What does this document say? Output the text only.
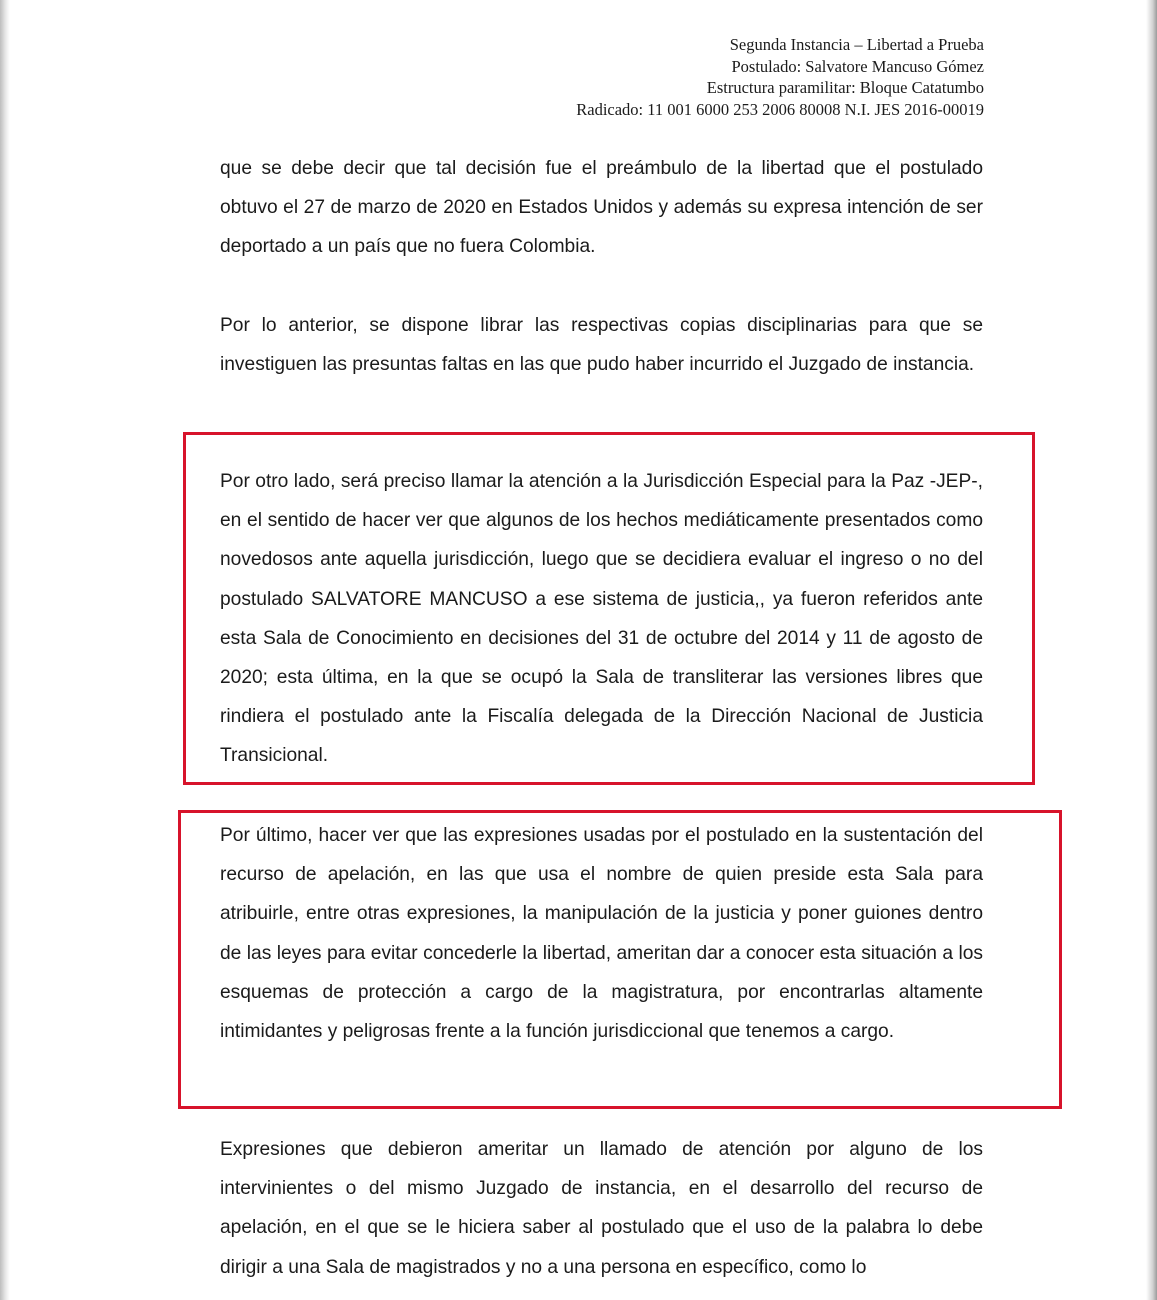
Segunda Instancia – Libertad a Prueba
Postulado: Salvatore Mancuso Gómez
Estructura paramilitar: Bloque Catatumbo
Radicado: 11 001 6000 253 2006 80008 N.I. JES 2016-00019

que se debe decir que tal decisión fue el preámbulo de la libertad que el postulado obtuvo el 27 de marzo de 2020 en Estados Unidos y además su expresa intención de ser deportado a un país que no fuera Colombia.

Por lo anterior, se dispone librar las respectivas copias disciplinarias para que se investiguen las presuntas faltas en las que pudo haber incurrido el Juzgado de instancia.

Por otro lado, será preciso llamar la atención a la Jurisdicción Especial para la Paz -JEP-, en el sentido de hacer ver que algunos de los hechos mediáticamente presentados como novedosos ante aquella jurisdicción, luego que se decidiera evaluar el ingreso o no del postulado SALVATORE MANCUSO a ese sistema de justicia,, ya fueron referidos ante esta Sala de Conocimiento en decisiones del 31 de octubre del 2014 y 11 de agosto de 2020; esta última, en la que se ocupó la Sala de transliterar las versiones libres que rindiera el postulado ante la Fiscalía delegada de la Dirección Nacional de Justicia Transicional.

Por último, hacer ver que las expresiones usadas por el postulado en la sustentación del recurso de apelación, en las que usa el nombre de quien preside esta Sala para atribuirle, entre otras expresiones, la manipulación de la justicia y poner guiones dentro de las leyes para evitar concederle la libertad, ameritan dar a conocer esta situación a los esquemas de protección a cargo de la magistratura, por encontrarlas altamente intimidantes y peligrosas frente a la función jurisdiccional que tenemos a cargo.

Expresiones que debieron ameritar un llamado de atención por alguno de los intervinientes o del mismo Juzgado de instancia, en el desarrollo del recurso de apelación, en el que se le hiciera saber al postulado que el uso de la palabra lo debe dirigir a una Sala de magistrados y no a una persona en específico, como lo
